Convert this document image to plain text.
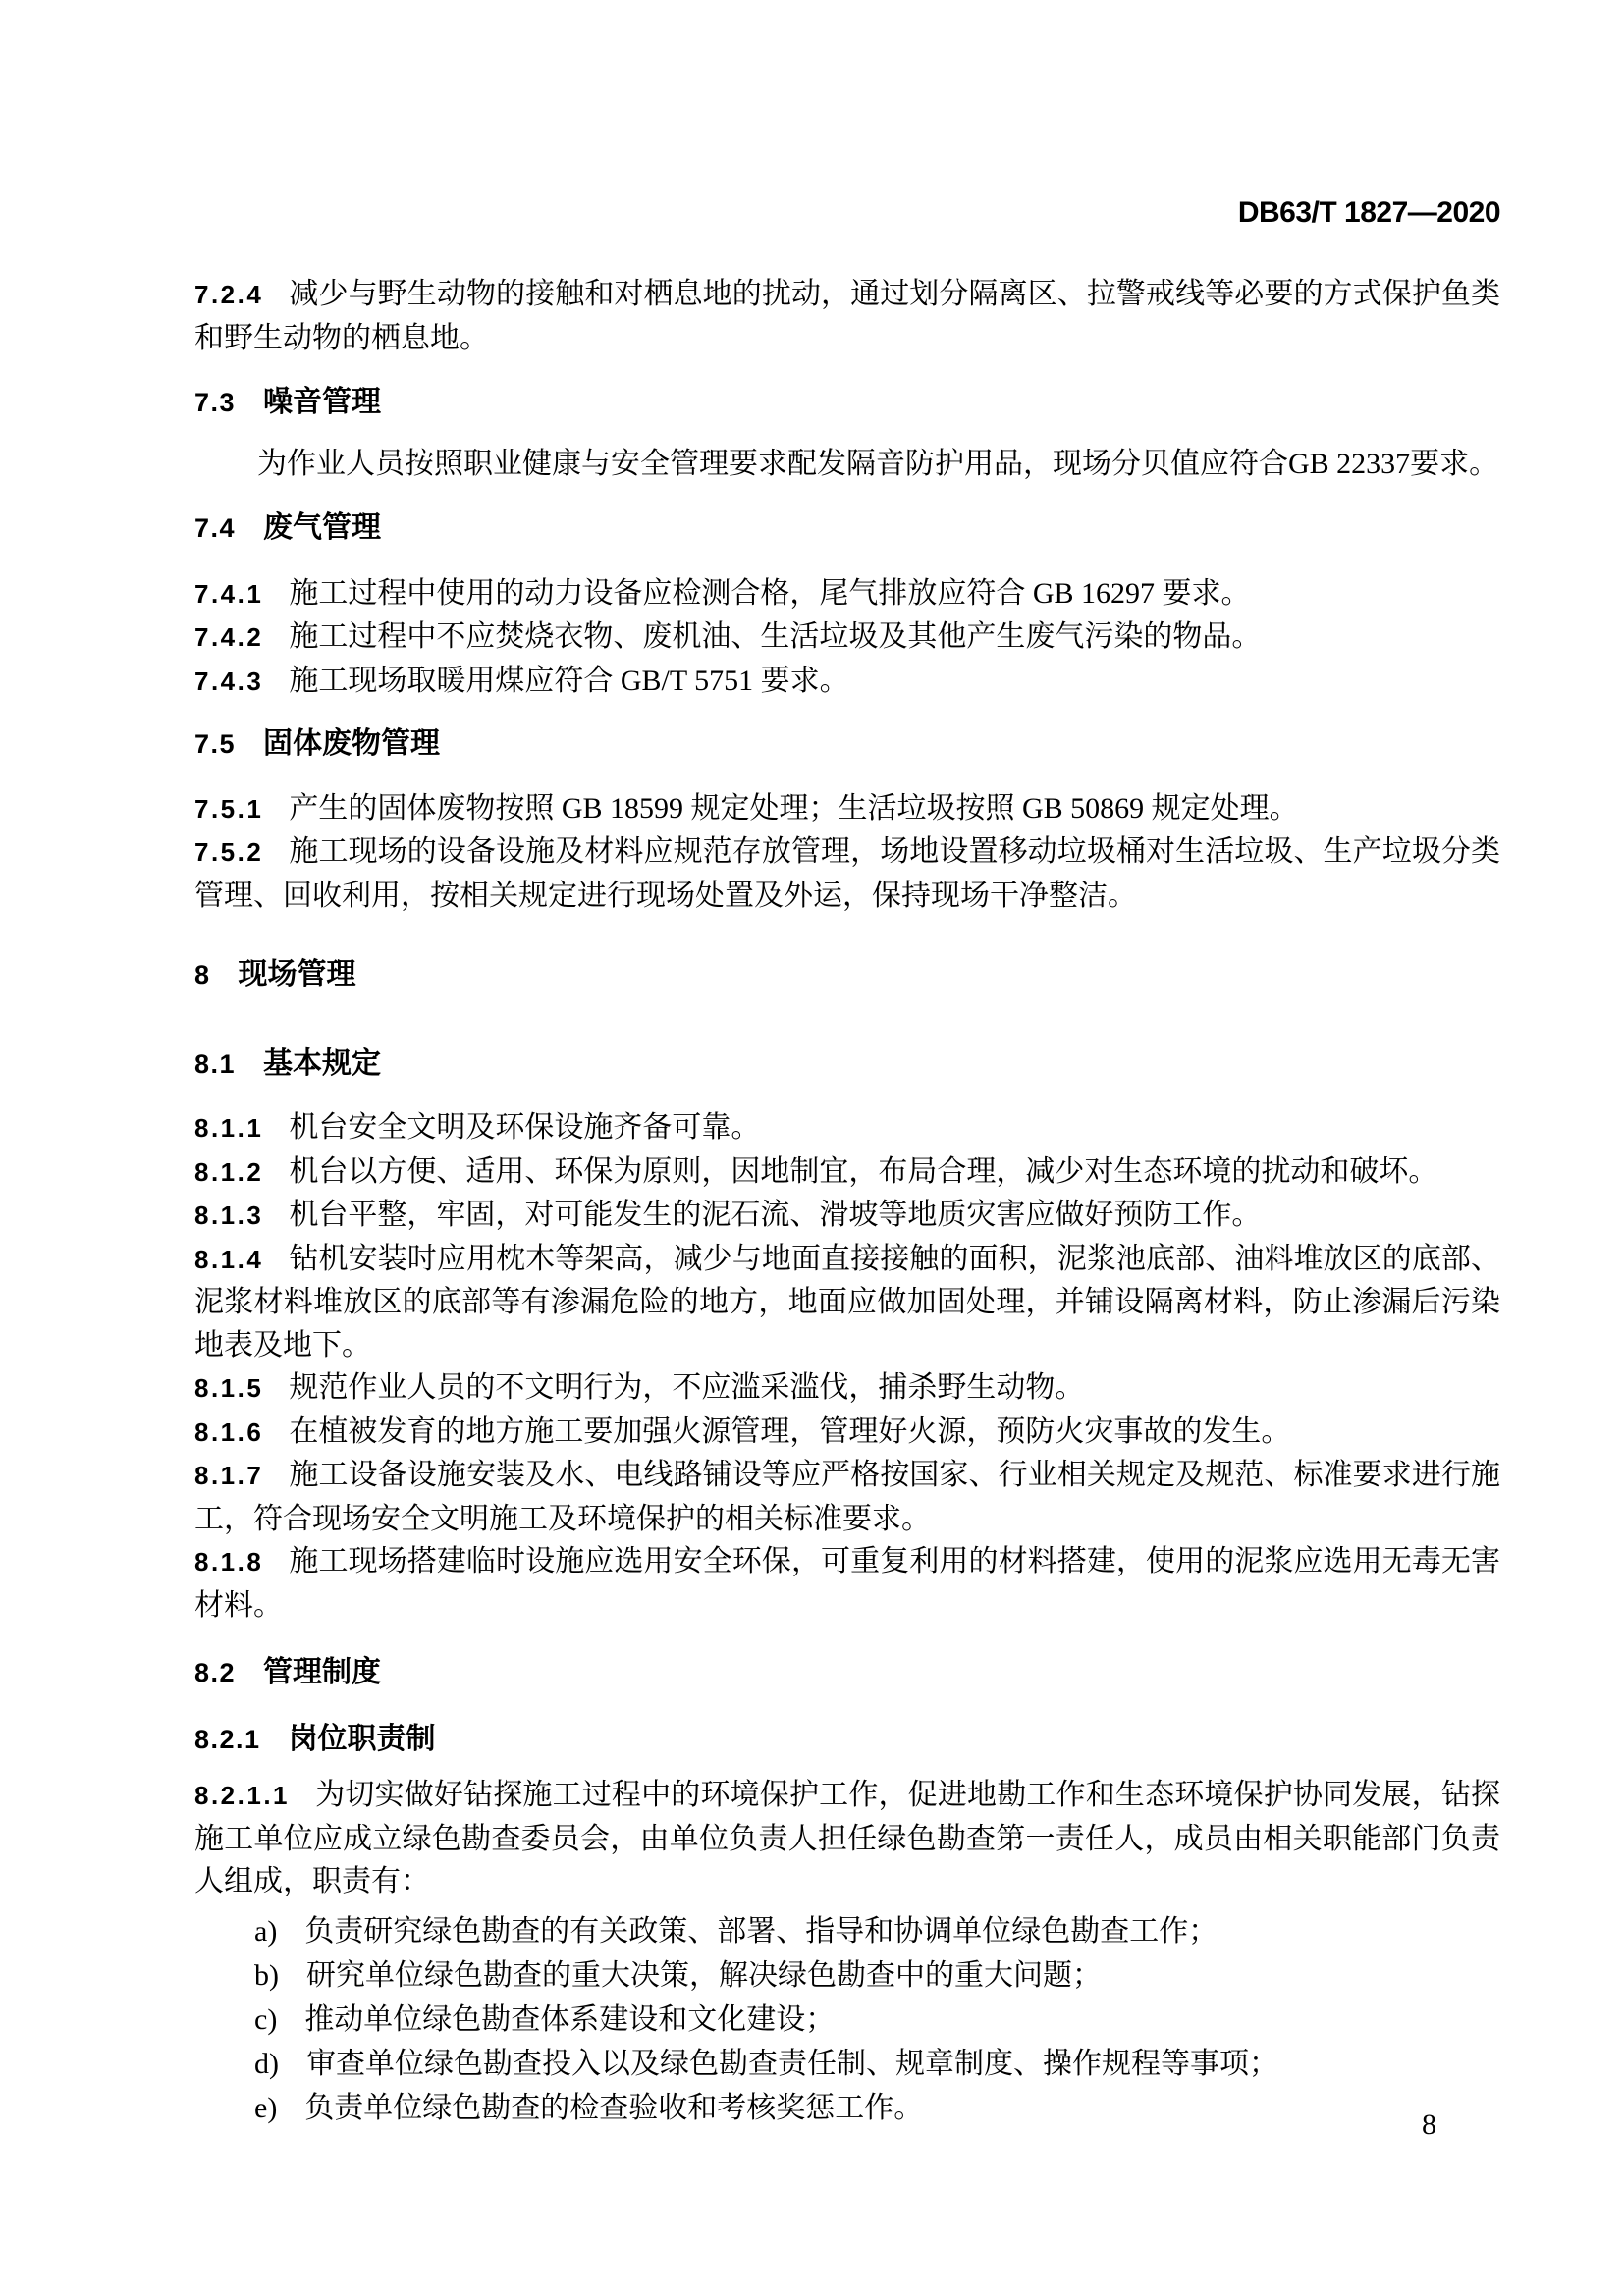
DB63/T 1827—2020

7.2.4 减少与野生动物的接触和对栖息地的扰动，通过划分隔离区、拉警戒线等必要的方式保护鱼类和野生动物的栖息地。

7.3 噪音管理

为作业人员按照职业健康与安全管理要求配发隔音防护用品，现场分贝值应符合GB 22337要求。

7.4 废气管理

7.4.1 施工过程中使用的动力设备应检测合格，尾气排放应符合 GB 16297 要求。

7.4.2 施工过程中不应焚烧衣物、废机油、生活垃圾及其他产生废气污染的物品。

7.4.3 施工现场取暖用煤应符合 GB/T 5751 要求。

7.5 固体废物管理

7.5.1 产生的固体废物按照 GB 18599 规定处理；生活垃圾按照 GB 50869 规定处理。

7.5.2 施工现场的设备设施及材料应规范存放管理，场地设置移动垃圾桶对生活垃圾、生产垃圾分类管理、回收利用，按相关规定进行现场处置及外运，保持现场干净整洁。

8 现场管理

8.1 基本规定

8.1.1 机台安全文明及环保设施齐备可靠。

8.1.2 机台以方便、适用、环保为原则，因地制宜，布局合理，减少对生态环境的扰动和破坏。

8.1.3 机台平整，牢固，对可能发生的泥石流、滑坡等地质灾害应做好预防工作。

8.1.4 钻机安装时应用枕木等架高，减少与地面直接接触的面积，泥浆池底部、油料堆放区的底部、泥浆材料堆放区的底部等有渗漏危险的地方，地面应做加固处理，并铺设隔离材料，防止渗漏后污染地表及地下。

8.1.5 规范作业人员的不文明行为，不应滥采滥伐，捕杀野生动物。

8.1.6 在植被发育的地方施工要加强火源管理，管理好火源，预防火灾事故的发生。

8.1.7 施工设备设施安装及水、电线路铺设等应严格按国家、行业相关规定及规范、标准要求进行施工，符合现场安全文明施工及环境保护的相关标准要求。

8.1.8 施工现场搭建临时设施应选用安全环保，可重复利用的材料搭建，使用的泥浆应选用无毒无害材料。

8.2 管理制度

8.2.1 岗位职责制

8.2.1.1 为切实做好钻探施工过程中的环境保护工作，促进地勘工作和生态环境保护协同发展，钻探施工单位应成立绿色勘查委员会，由单位负责人担任绿色勘查第一责任人，成员由相关职能部门负责人组成，职责有：

a) 负责研究绿色勘查的有关政策、部署、指导和协调单位绿色勘查工作；

b) 研究单位绿色勘查的重大决策，解决绿色勘查中的重大问题；

c) 推动单位绿色勘查体系建设和文化建设；

d) 审查单位绿色勘查投入以及绿色勘查责任制、规章制度、操作规程等事项；

e) 负责单位绿色勘查的检查验收和考核奖惩工作。

8
